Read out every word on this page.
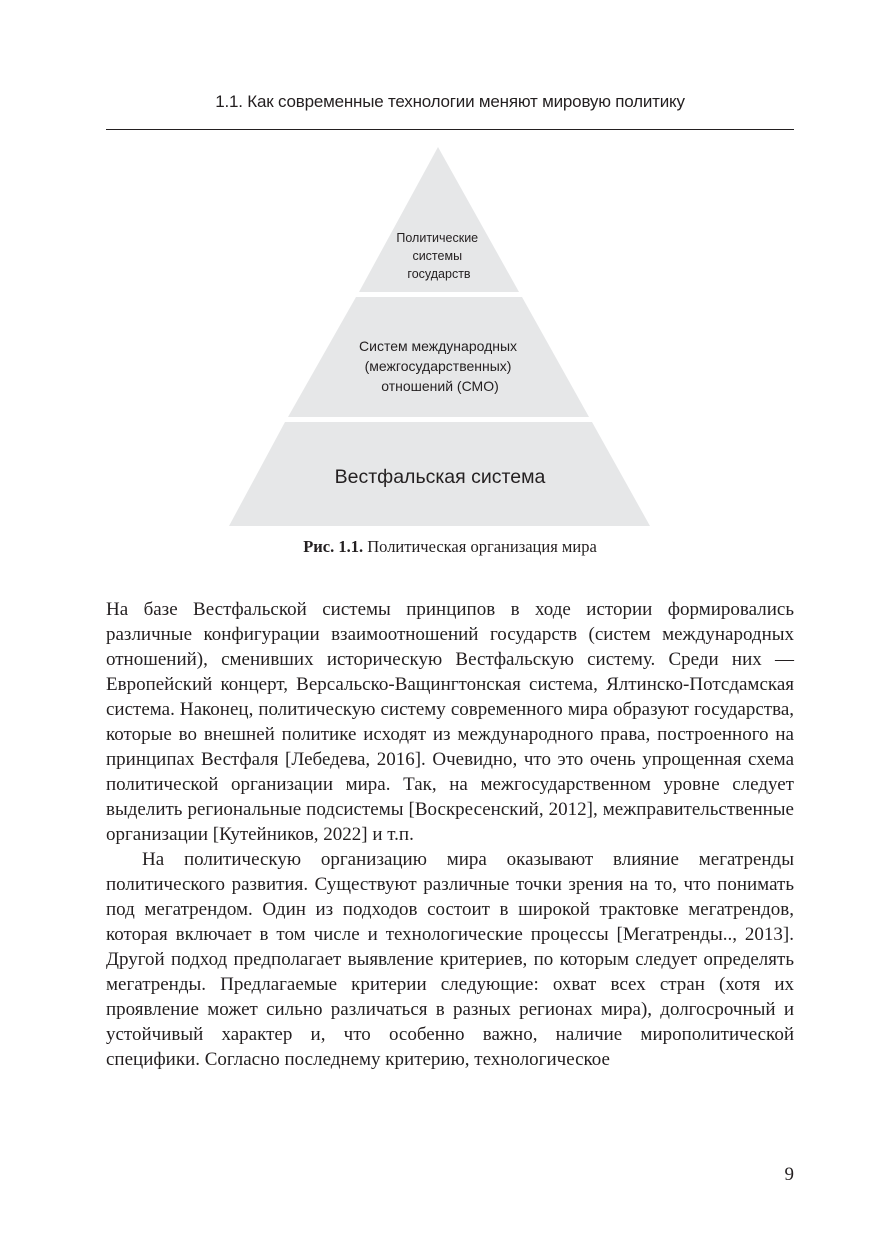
1.1. Как современные технологии меняют мировую политику
Политические системы государств
Систем международных (межгосударственных) отношений (СМО)
Вестфальская система
Рис. 1.1. Политическая организация мира

На базе Вестфальской системы принципов в ходе истории формировались различные конфигурации взаимоотношений государств (систем международных отношений), сменивших историческую Вестфальскую систему. Среди них — Европейский концерт, Версальско-Ващингтонская система, Ялтинско-Потсдамская система. Наконец, политическую систему современного мира образуют государства, которые во внешней политике исходят из международного права, построенного на принципах Вестфаля [Лебедева, 2016]. Очевидно, что это очень упрощенная схема политической организации мира. Так, на межгосударственном уровне следует выделить региональные подсистемы [Воскресенский, 2012], межправительственные организации [Кутейников, 2022] и т.п.

На политическую организацию мира оказывают влияние мегатренды политического развития. Существуют различные точки зрения на то, что понимать под мегатрендом. Один из подходов состоит в широкой трактовке мегатрендов, которая включает в том числе и технологические процессы [Мегатренды.., 2013]. Другой подход предполагает выявление критериев, по которым следует определять мегатренды. Предлагаемые критерии следующие: охват всех стран (хотя их проявление может сильно различаться в разных регионах мира), долгосрочный и устойчивый характер и, что особенно важно, наличие мирополитической специфики. Согласно последнему критерию, технологическое

9
